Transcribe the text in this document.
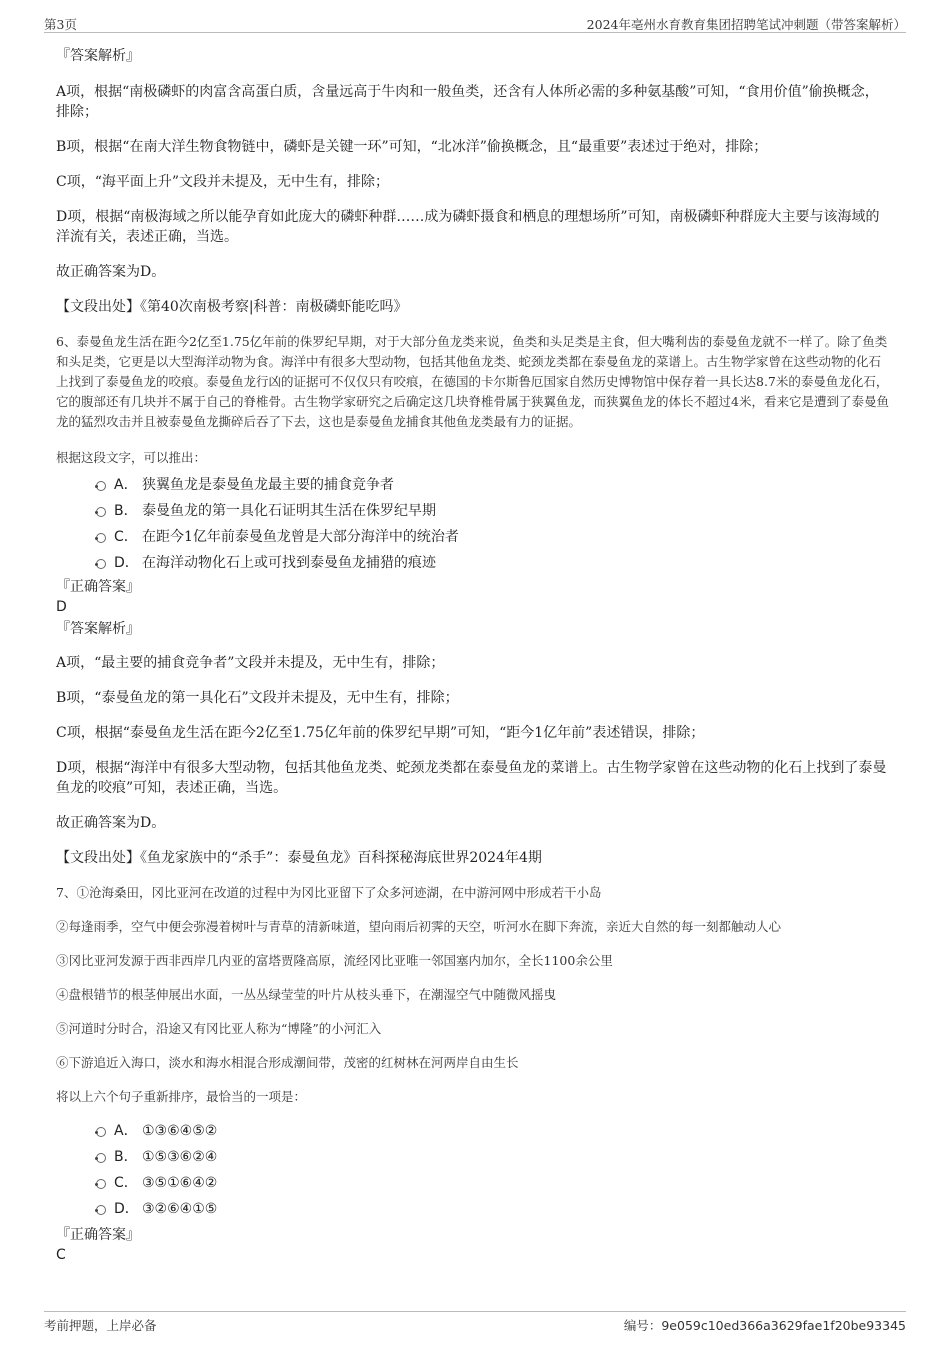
第3页	2024年亳州水育教育集团招聘笔试冲刺题（带答案解析）
『答案解析』

A项，根据“南极磷虾的肉富含高蛋白质，含量远高于牛肉和一般鱼类，还含有人体所必需的多种氨基酸”可知，“食用价值”偷换概念，排除；

B项，根据“在南大洋生物食物链中，磷虾是关键一环”可知，“北冰洋”偷换概念，且“最重要”表述过于绝对，排除；

C项，“海平面上升”文段并未提及，无中生有，排除；

D项，根据“南极海域之所以能孕育如此庞大的磷虾种群……成为磷虾摄食和栖息的理想场所”可知，南极磷虾种群庞大主要与该海域的洋流有关，表述正确，当选。

故正确答案为D。

【文段出处】《第40次南极考察|科普：南极磷虾能吃吗》

6、泰曼鱼龙生活在距今2亿至1.75亿年前的侏罗纪早期，对于大部分鱼龙类来说，鱼类和头足类是主食，但大嘴利齿的泰曼鱼龙就不一样了。除了鱼类和头足类，它更是以大型海洋动物为食。海洋中有很多大型动物，包括其他鱼龙类、蛇颈龙类都在泰曼鱼龙的菜谱上。古生物学家曾在这些动物的化石上找到了泰曼鱼龙的咬痕。泰曼鱼龙行凶的证据可不仅仅只有咬痕，在德国的卡尔斯鲁厄国家自然历史博物馆中保存着一具长达8.7米的泰曼鱼龙化石，它的腹部还有几块并不属于自己的脊椎骨。古生物学家研究之后确定这几块脊椎骨属于狭翼鱼龙，而狭翼鱼龙的体长不超过4米，看来它是遭到了泰曼鱼龙的猛烈攻击并且被泰曼鱼龙撕碎后吞了下去，这也是泰曼鱼龙捕食其他鱼龙类最有力的证据。

根据这段文字，可以推出：

A． 狭翼鱼龙是泰曼鱼龙最主要的捕食竞争者
B． 泰曼鱼龙的第一具化石证明其生活在侏罗纪早期
C． 在距今1亿年前泰曼鱼龙曾是大部分海洋中的统治者
D． 在海洋动物化石上或可找到泰曼鱼龙捕猎的痕迹
『正确答案』
D
『答案解析』

A项，“最主要的捕食竞争者”文段并未提及，无中生有，排除；

B项，“泰曼鱼龙的第一具化石”文段并未提及，无中生有，排除；

C项，根据“泰曼鱼龙生活在距今2亿至1.75亿年前的侏罗纪早期”可知，“距今1亿年前”表述错误，排除；

D项，根据“海洋中有很多大型动物，包括其他鱼龙类、蛇颈龙类都在泰曼鱼龙的菜谱上。古生物学家曾在这些动物的化石上找到了泰曼鱼龙的咬痕”可知，表述正确，当选。

故正确答案为D。

【文段出处】《鱼龙家族中的“杀手”：泰曼鱼龙》百科探秘海底世界2024年4期

7、①沧海桑田，冈比亚河在改道的过程中为冈比亚留下了众多河迹湖，在中游河网中形成若干小岛

②每逢雨季，空气中便会弥漫着树叶与青草的清新味道，望向雨后初霁的天空，听河水在脚下奔流，亲近大自然的每一刻都触动人心

③冈比亚河发源于西非西岸几内亚的富塔贾隆高原，流经冈比亚唯一邻国塞内加尔，全长1100余公里

④盘根错节的根茎伸展出水面，一丛丛绿莹莹的叶片从枝头垂下，在潮湿空气中随微风摇曳

⑤河道时分时合，沿途又有冈比亚人称为“博隆”的小河汇入

⑥下游追近入海口，淡水和海水相混合形成潮间带，茂密的红树林在河两岸自由生长

将以上六个句子重新排序，最恰当的一项是：

A． ①③⑥④⑤②
B． ①⑤③⑥②④
C． ③⑤①⑥④②
D． ③②⑥④①⑤
『正确答案』
C
考前押题，上岸必备	编号：9e059c10ed366a3629fae1f20be93345
